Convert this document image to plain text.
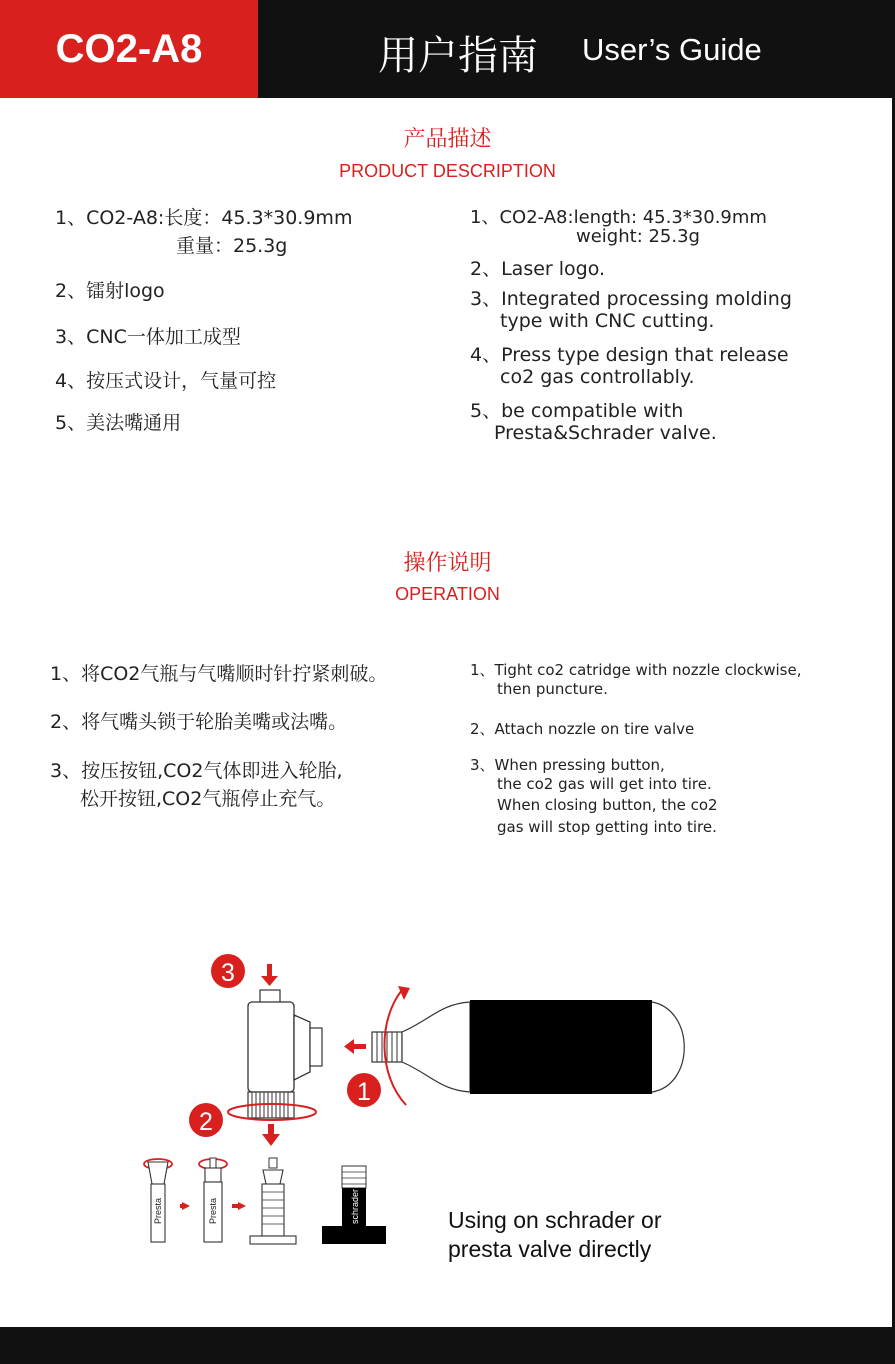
CO2-A8	用户指南 User’s Guide
产品描述
PRODUCT DESCRIPTION
1、CO2-A8:长度：45.3*30.9mm
重量：25.3g
2、镭射logo
3、CNC一体加工成型
4、按压式设计，气量可控
5、美法嘴通用
1、CO2-A8:length: 45.3*30.9mm
weight: 25.3g
2、Laser logo.
3、Integrated processing molding
type with CNC cutting.
4、Press type design that release
co2 gas controllably.
5、be compatible with
Presta&Schrader valve.
操作说明
OPERATION
1、将CO2气瓶与气嘴顺时针拧紧刺破。
2、将气嘴头锁于轮胎美嘴或法嘴。
3、按压按钮,CO2气体即进入轮胎,
松开按钮,CO2气瓶停止充气。
1、Tight co2 catridge with nozzle clockwise,
then puncture.
2、Attach nozzle on tire valve
3、When pressing button,
the co2 gas will get into tire.
When closing button, the co2
gas will stop getting into tire.
3
2
1
Presta	Presta	schrader	Using on schrader or
presta valve directly
